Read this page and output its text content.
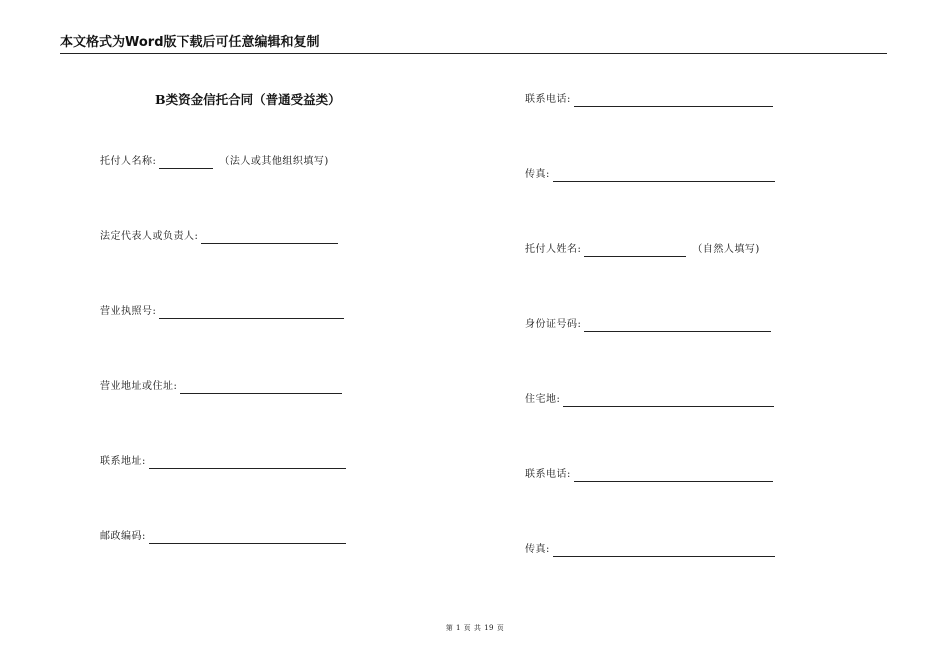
本文格式为Word版下载后可任意编辑和复制
B类资金信托合同（普通受益类）
托付人名称:	（法人或其他组织填写)
法定代表人或负责人:
营业执照号:
营业地址或住址:
联系地址:
邮政编码:
联系电话:
传真:
托付人姓名:	（自然人填写)
身份证号码:
住宅地:
联系电话:
传真:
第 1 页 共 19 页
